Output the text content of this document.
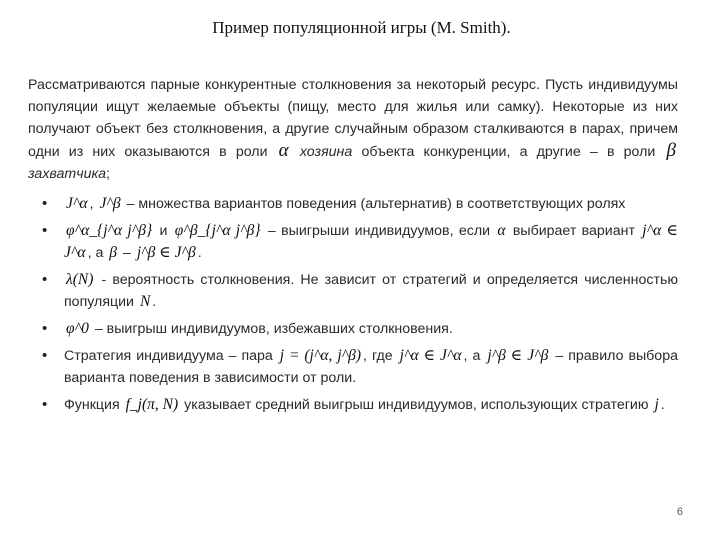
Пример популяционной игры (M. Smith).
Рассматриваются парные конкурентные столкновения за некоторый ресурс. Пусть индивидуумы популяции ищут желаемые объекты (пищу, место для жилья или самку). Некоторые из них получают объект без столкновения, а другие случайным образом сталкиваются в парах, причем одни из них оказываются в роли α хозяина объекта конкуренции, а другие – в роли β захватчика;
• J^α , J^β – множества вариантов поведения (альтернатив) в соответствующих ролях
• φ^α_{j^α j^β} и φ^β_{j^α j^β} – выигрыши индивидуумов, если α выбирает вариант j^α ∈ J^α , а β – j^β ∈ J^β .
• λ(N) - вероятность столкновения. Не зависит от стратегий и определяется численностью популяции N .
• φ^0 – выигрыш индивидуумов, избежавших столкновения.
• Стратегия индивидуума – пара j = (j^α, j^β) , где j^α ∈ J^α , а j^β ∈ J^β – правило выбора варианта поведения в зависимости от роли.
• Функция f_j(π, N) указывает средний выигрыш индивидуумов, использующих стратегию j .
6
